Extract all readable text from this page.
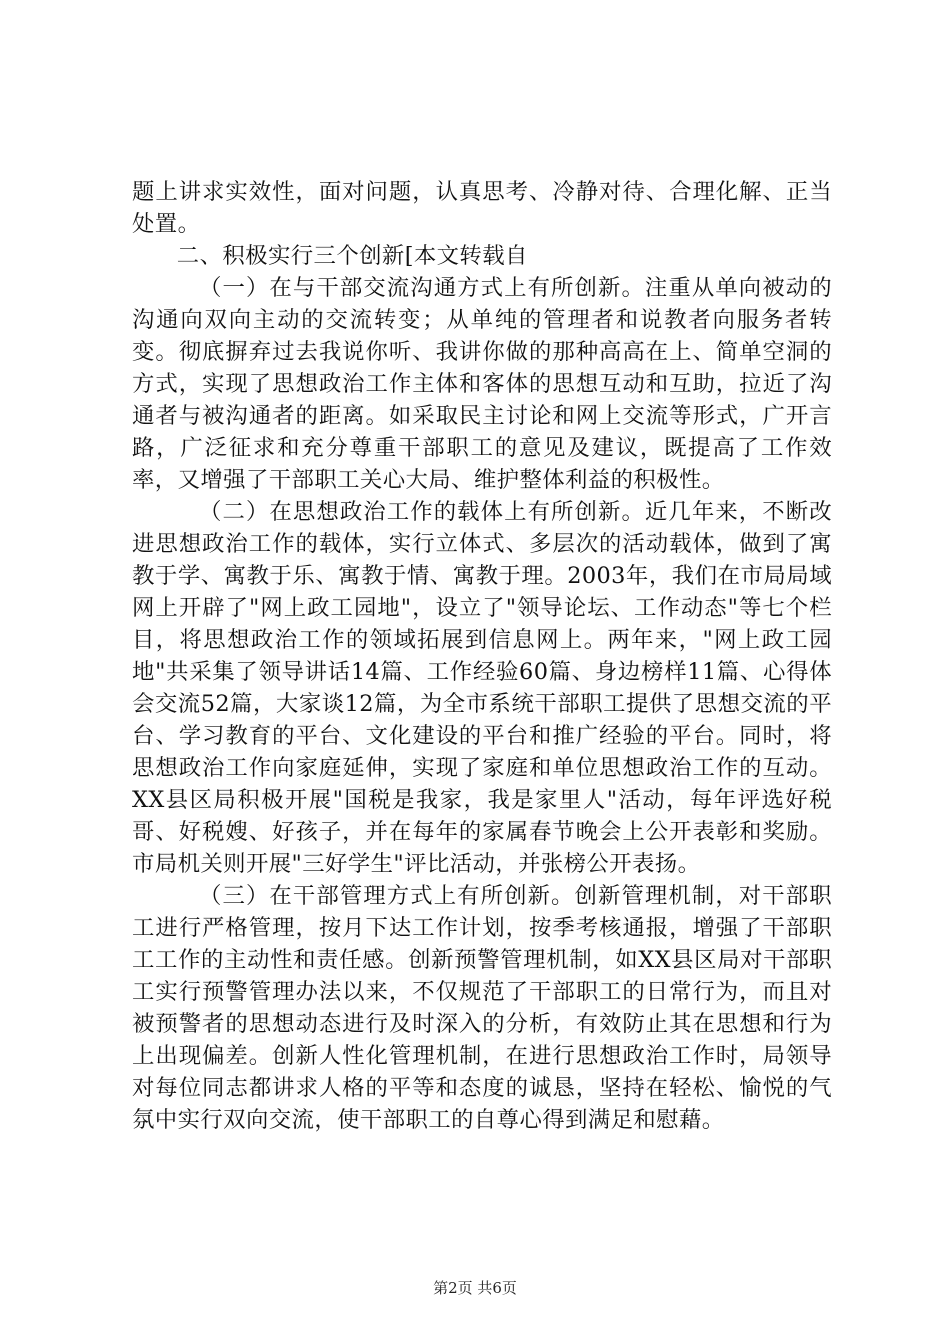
题上讲求实效性，面对问题，认真思考、冷静对待、合理化解、正当处置。

二、积极实行三个创新[本文转载自

（一）在与干部交流沟通方式上有所创新。注重从单向被动的沟通向双向主动的交流转变；从单纯的管理者和说教者向服务者转变。彻底摒弃过去我说你听、我讲你做的那种高高在上、简单空洞的方式，实现了思想政治工作主体和客体的思想互动和互助，拉近了沟通者与被沟通者的距离。如采取民主讨论和网上交流等形式，广开言路，广泛征求和充分尊重干部职工的意见及建议，既提高了工作效率，又增强了干部职工关心大局、维护整体利益的积极性。

（二）在思想政治工作的载体上有所创新。近几年来，不断改进思想政治工作的载体，实行立体式、多层次的活动载体，做到了寓教于学、寓教于乐、寓教于情、寓教于理。2003年，我们在市局局域网上开辟了"网上政工园地"，设立了"领导论坛、工作动态"等七个栏目，将思想政治工作的领域拓展到信息网上。两年来，"网上政工园地"共采集了领导讲话14篇、工作经验60篇、身边榜样11篇、心得体会交流52篇，大家谈12篇，为全市系统干部职工提供了思想交流的平台、学习教育的平台、文化建设的平台和推广经验的平台。同时，将思想政治工作向家庭延伸，实现了家庭和单位思想政治工作的互动。XX县区局积极开展"国税是我家，我是家里人"活动，每年评选好税哥、好税嫂、好孩子，并在每年的家属春节晚会上公开表彰和奖励。市局机关则开展"三好学生"评比活动，并张榜公开表扬。

（三）在干部管理方式上有所创新。创新管理机制，对干部职工进行严格管理，按月下达工作计划，按季考核通报，增强了干部职工工作的主动性和责任感。创新预警管理机制，如XX县区局对干部职工实行预警管理办法以来，不仅规范了干部职工的日常行为，而且对被预警者的思想动态进行及时深入的分析，有效防止其在思想和行为上出现偏差。创新人性化管理机制，在进行思想政治工作时，局领导对每位同志都讲求人格的平等和态度的诚恳，坚持在轻松、愉悦的气氛中实行双向交流，使干部职工的自尊心得到满足和慰藉。

第2页 共6页
